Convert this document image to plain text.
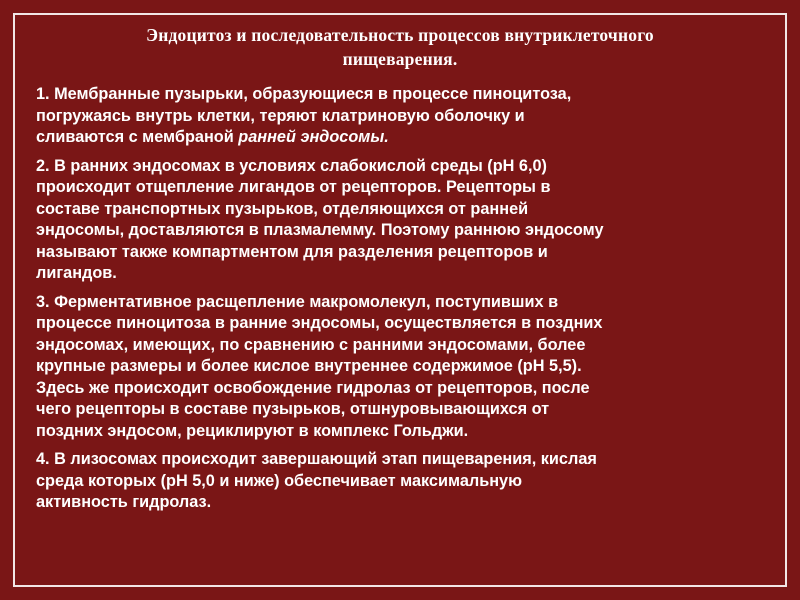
Эндоцитоз и последовательность процессов внутриклеточного
пищеварения.
1. Мембранные пузырьки, образующиеся в процессе пиноцитоза,
погружаясь внутрь клетки, теряют клатриновую оболочку и
сливаются с мембраной ранней эндосомы.
2. В ранних эндосомах в условиях слабокислой среды (pH 6,0)
происходит отщепление лигандов от рецепторов. Рецепторы в
составе транспортных пузырьков, отделяющихся от ранней
эндосомы, доставляются в плазмалемму. Поэтому раннюю эндосому
называют также компартментом для разделения рецепторов и
лигандов.
3. Ферментативное расщепление макромолекул, поступивших в
процессе пиноцитоза в ранние эндосомы, осуществляется в поздних
эндосомах, имеющих, по сравнению с ранними эндосомами, более
крупные размеры и более кислое внутреннее содержимое (pH 5,5).
Здесь же происходит освобождение гидролаз от рецепторов, после
чего рецепторы в составе пузырьков, отшнуровывающихся от
поздних эндосом, рециклируют в комплекс Гольджи.
4. В лизосомах происходит завершающий этап пищеварения, кислая
среда которых (pH 5,0 и ниже) обеспечивает максимальную
активность гидролаз.
